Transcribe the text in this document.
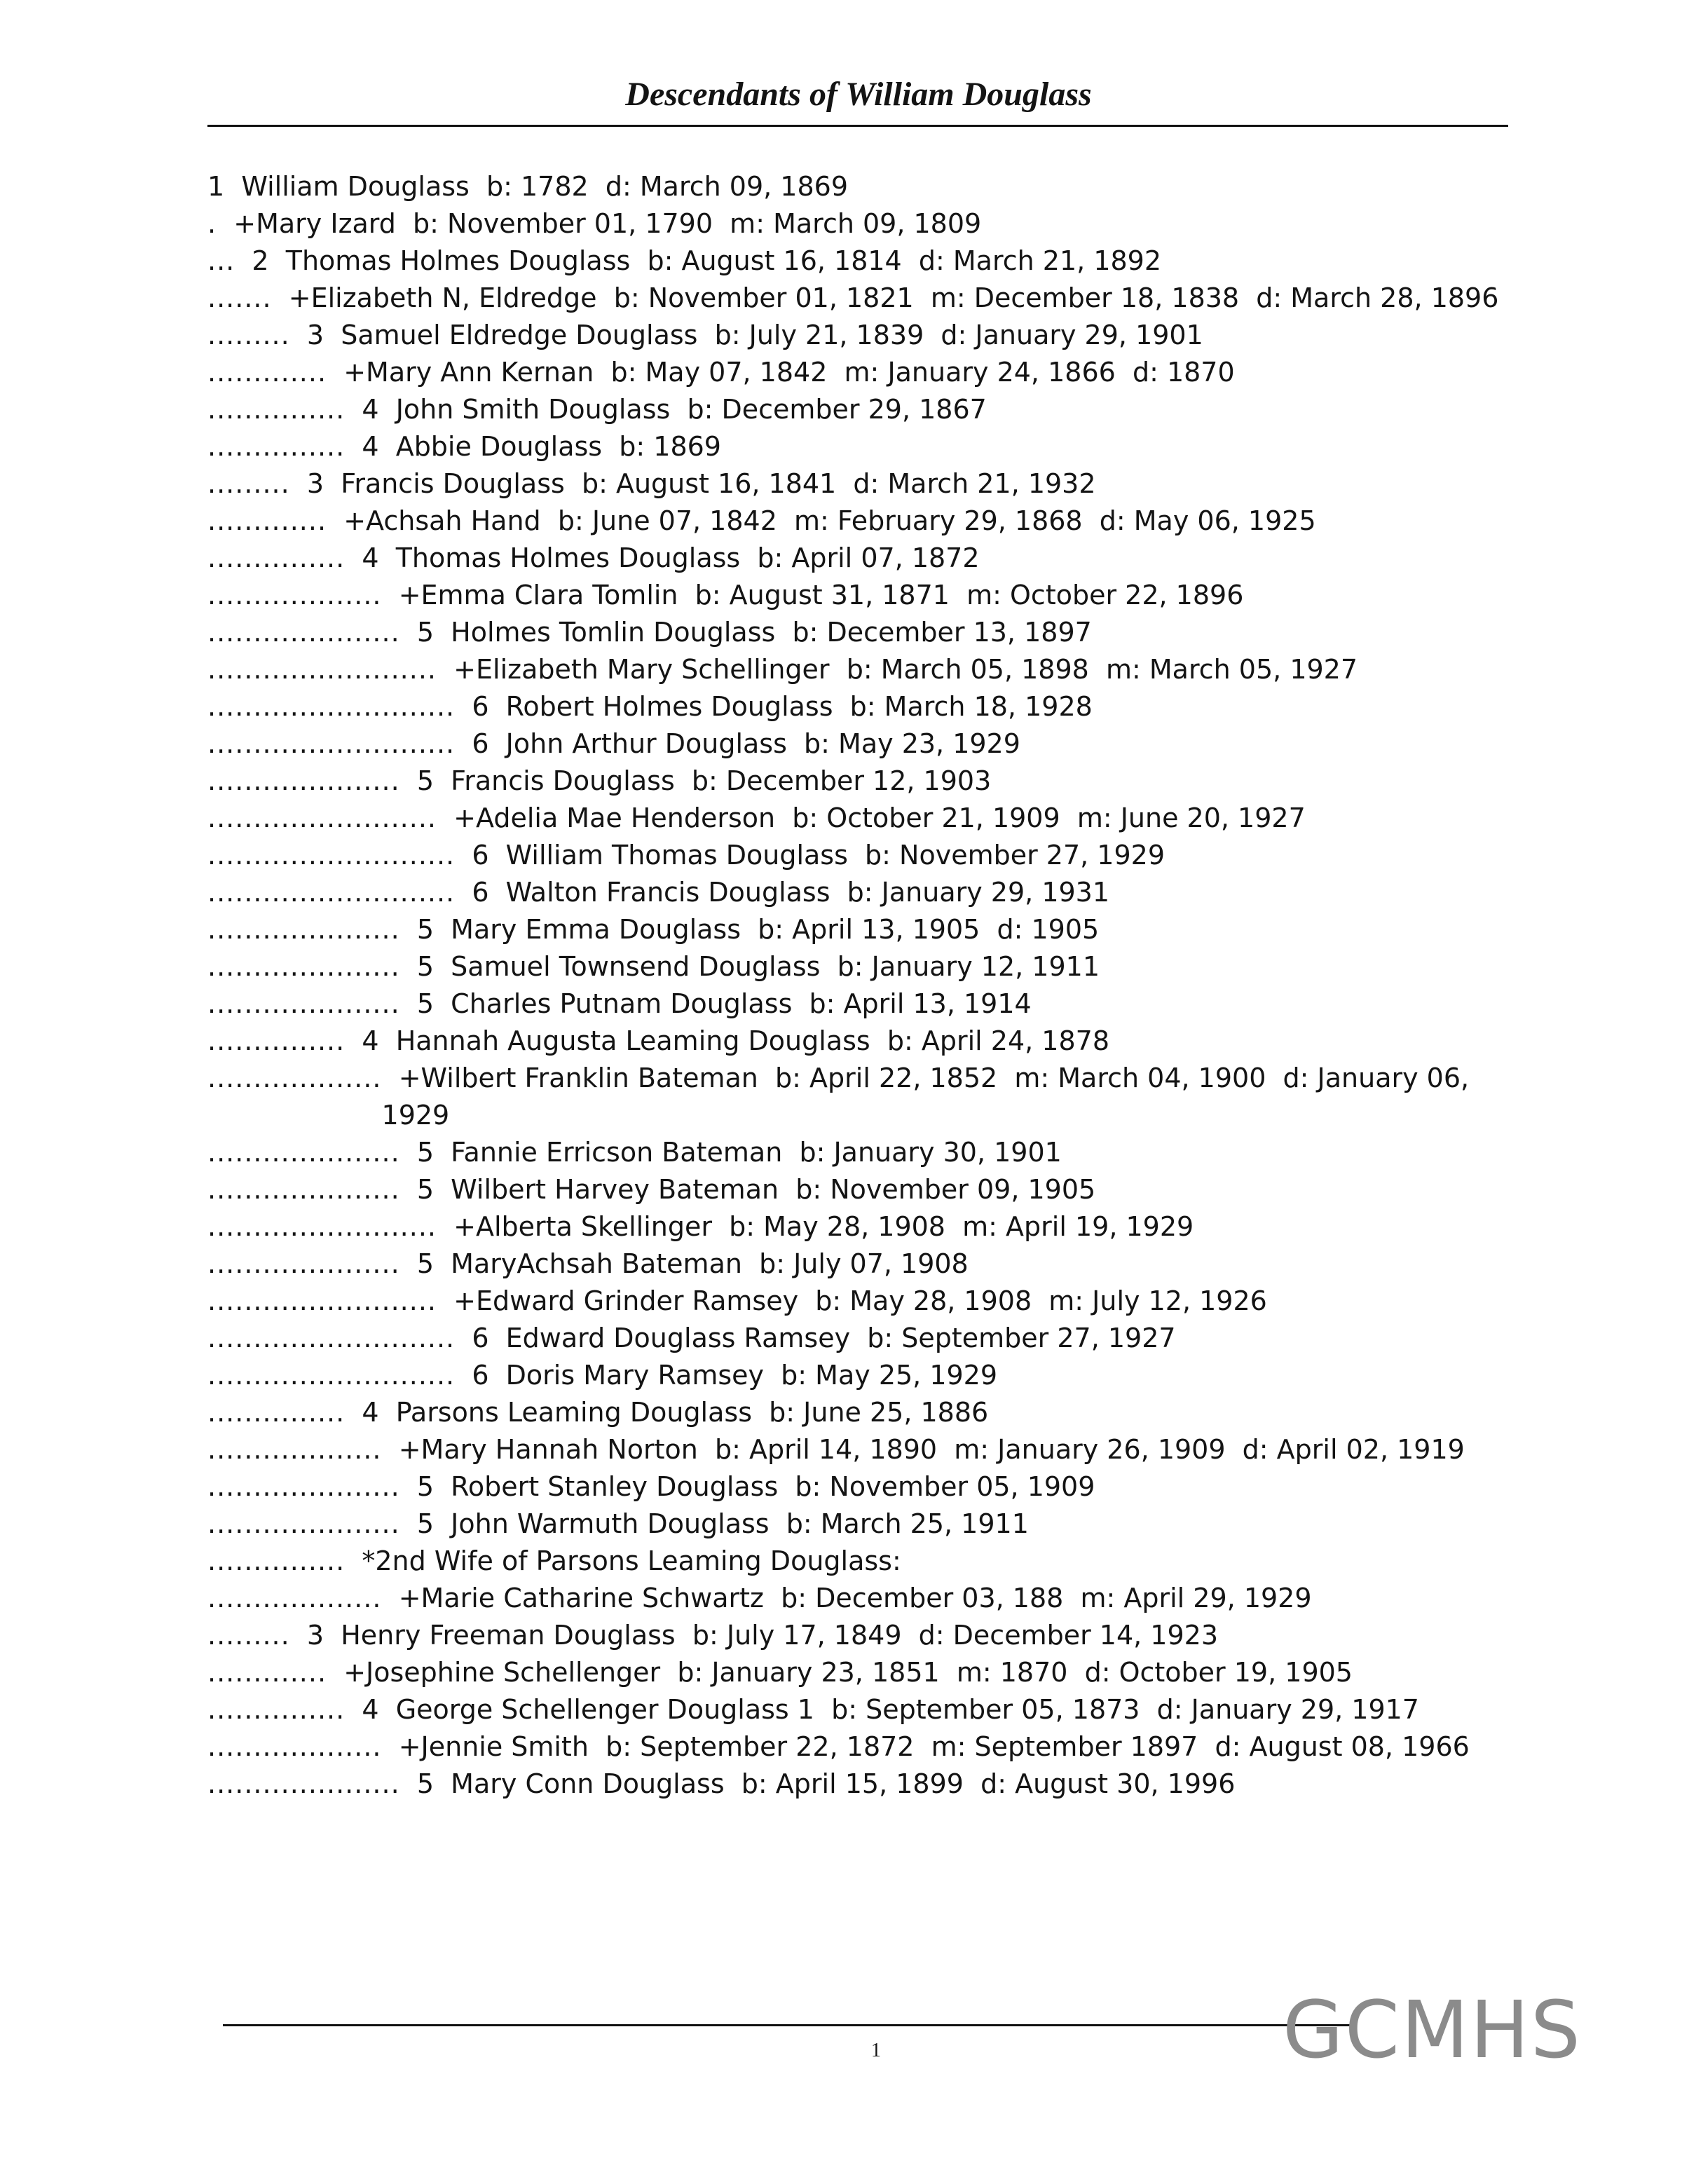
Descendants of William Douglass
1  William Douglass  b: 1782  d: March 09, 1869
. +Mary Izard  b: November 01, 1790  m: March 09, 1809
... 2  Thomas Holmes Douglass  b: August 16, 1814  d: March 21, 1892
....... +Elizabeth N, Eldredge  b: November 01, 1821  m: December 18, 1838  d: March 28, 1896
......... 3  Samuel Eldredge Douglass  b: July 21, 1839  d: January 29, 1901
............. +Mary Ann Kernan  b: May 07, 1842  m: January 24, 1866  d: 1870
............... 4  John Smith Douglass  b: December 29, 1867
............... 4  Abbie Douglass  b: 1869
......... 3  Francis Douglass  b: August 16, 1841  d: March 21, 1932
............. +Achsah Hand  b: June 07, 1842  m: February 29, 1868  d: May 06, 1925
............... 4  Thomas Holmes Douglass  b: April 07, 1872
................... +Emma Clara Tomlin  b: August 31, 1871  m: October 22, 1896
..................... 5  Holmes Tomlin Douglass  b: December 13, 1897
......................... +Elizabeth Mary Schellinger  b: March 05, 1898  m: March 05, 1927
........................... 6  Robert Holmes Douglass  b: March 18, 1928
........................... 6  John Arthur Douglass  b: May 23, 1929
..................... 5  Francis Douglass  b: December 12, 1903
......................... +Adelia Mae Henderson  b: October 21, 1909  m: June 20, 1927
........................... 6  William Thomas Douglass  b: November 27, 1929
........................... 6  Walton Francis Douglass  b: January 29, 1931
..................... 5  Mary Emma Douglass  b: April 13, 1905  d: 1905
..................... 5  Samuel Townsend Douglass  b: January 12, 1911
..................... 5  Charles Putnam Douglass  b: April 13, 1914
............... 4  Hannah Augusta Leaming Douglass  b: April 24, 1878
................... +Wilbert Franklin Bateman  b: April 22, 1852  m: March 04, 1900  d: January 06, 1929
..................... 5  Fannie Erricson Bateman  b: January 30, 1901
..................... 5  Wilbert Harvey Bateman  b: November 09, 1905
......................... +Alberta Skellinger  b: May 28, 1908  m: April 19, 1929
..................... 5  MaryAchsah Bateman  b: July 07, 1908
......................... +Edward Grinder Ramsey  b: May 28, 1908  m: July 12, 1926
........................... 6  Edward Douglass Ramsey  b: September 27, 1927
........................... 6  Doris Mary Ramsey  b: May 25, 1929
............... 4  Parsons Leaming Douglass  b: June 25, 1886
................... +Mary Hannah Norton  b: April 14, 1890  m: January 26, 1909  d: April 02, 1919
..................... 5  Robert Stanley Douglass  b: November 05, 1909
..................... 5  John Warmuth Douglass  b: March 25, 1911
............... *2nd Wife of Parsons Leaming Douglass:
................... +Marie Catharine Schwartz  b: December 03, 188  m: April 29, 1929
......... 3  Henry Freeman Douglass  b: July 17, 1849  d: December 14, 1923
............. +Josephine Schellenger  b: January 23, 1851  m: 1870  d: October 19, 1905
............... 4  George Schellenger Douglass 1  b: September 05, 1873  d: January 29, 1917
................... +Jennie Smith  b: September 22, 1872  m: September 1897  d: August 08, 1966
..................... 5  Mary Conn Douglass  b: April 15, 1899  d: August 30, 1996
1	GCMHS
